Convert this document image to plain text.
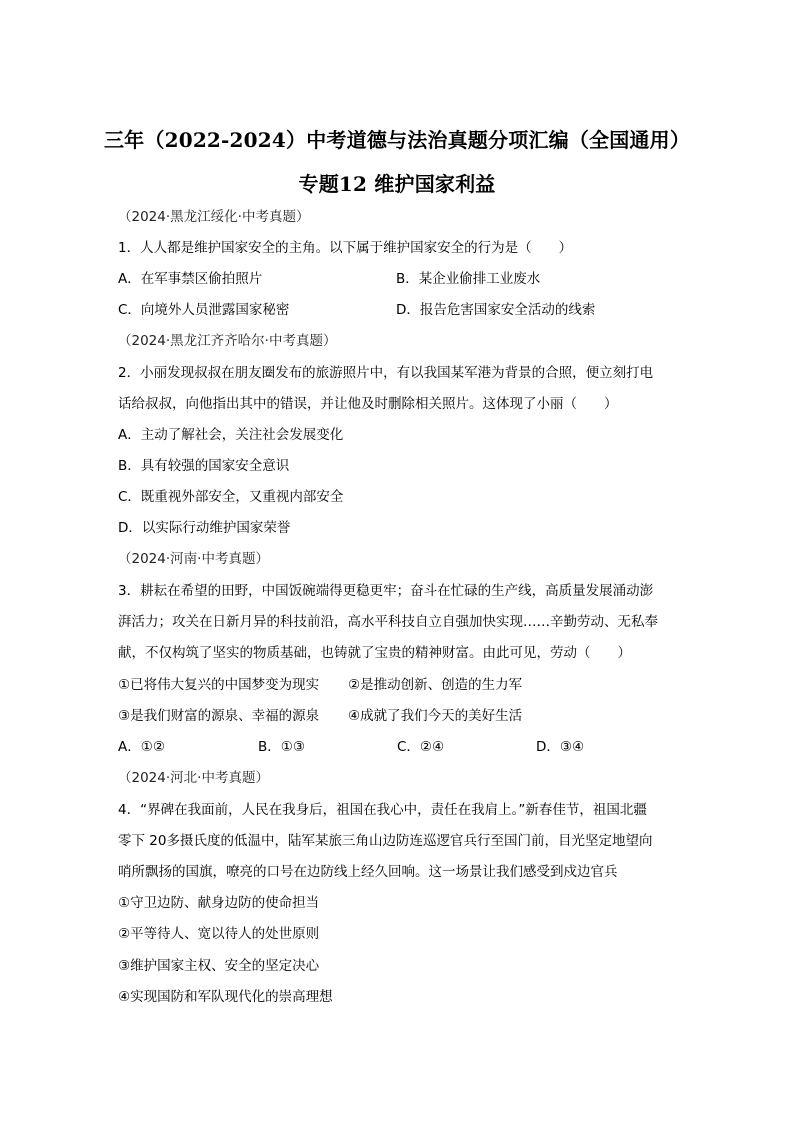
三年（2022-2024）中考道德与法治真题分项汇编（全国通用）
专题12 维护国家利益
（2024·黑龙江绥化·中考真题）
1．人人都是维护国家安全的主角。以下属于维护国家安全的行为是（　　）
A．在军事禁区偷拍照片	B．某企业偷排工业废水
C．向境外人员泄露国家秘密	D．报告危害国家安全活动的线索
（2024·黑龙江齐齐哈尔·中考真题）
2．小丽发现叔叔在朋友圈发布的旅游照片中，有以我国某军港为背景的合照，便立刻打电
话给叔叔，向他指出其中的错误，并让他及时删除相关照片。这体现了小丽（　　）
A．主动了解社会，关注社会发展变化
B．具有较强的国家安全意识
C．既重视外部安全，又重视内部安全
D．以实际行动维护国家荣誉
（2024·河南·中考真题）
3．耕耘在希望的田野，中国饭碗端得更稳更牢；奋斗在忙碌的生产线，高质量发展涌动澎
湃活力；攻关在日新月异的科技前沿，高水平科技自立自强加快实现……辛勤劳动、无私奉
献，不仅构筑了坚实的物质基础，也铸就了宝贵的精神财富。由此可见，劳动（　　）
①已将伟大复兴的中国梦变为现实 ②是推动创新、创造的生力军
③是我们财富的源泉、幸福的源泉 ④成就了我们今天的美好生活
A．①②	B．①③	C．②④	D．③④
（2024·河北·中考真题）
4．“界碑在我面前，人民在我身后，祖国在我心中，责任在我肩上。”新春佳节，祖国北疆
零下 20多摄氏度的低温中，陆军某旅三角山边防连巡逻官兵行至国门前，目光坚定地望向
哨所飘扬的国旗，嘹亮的口号在边防线上经久回响。这一场景让我们感受到戍边官兵
①守卫边防、献身边防的使命担当
②平等待人、宽以待人的处世原则
③维护国家主权、安全的坚定决心
④实现国防和军队现代化的崇高理想
